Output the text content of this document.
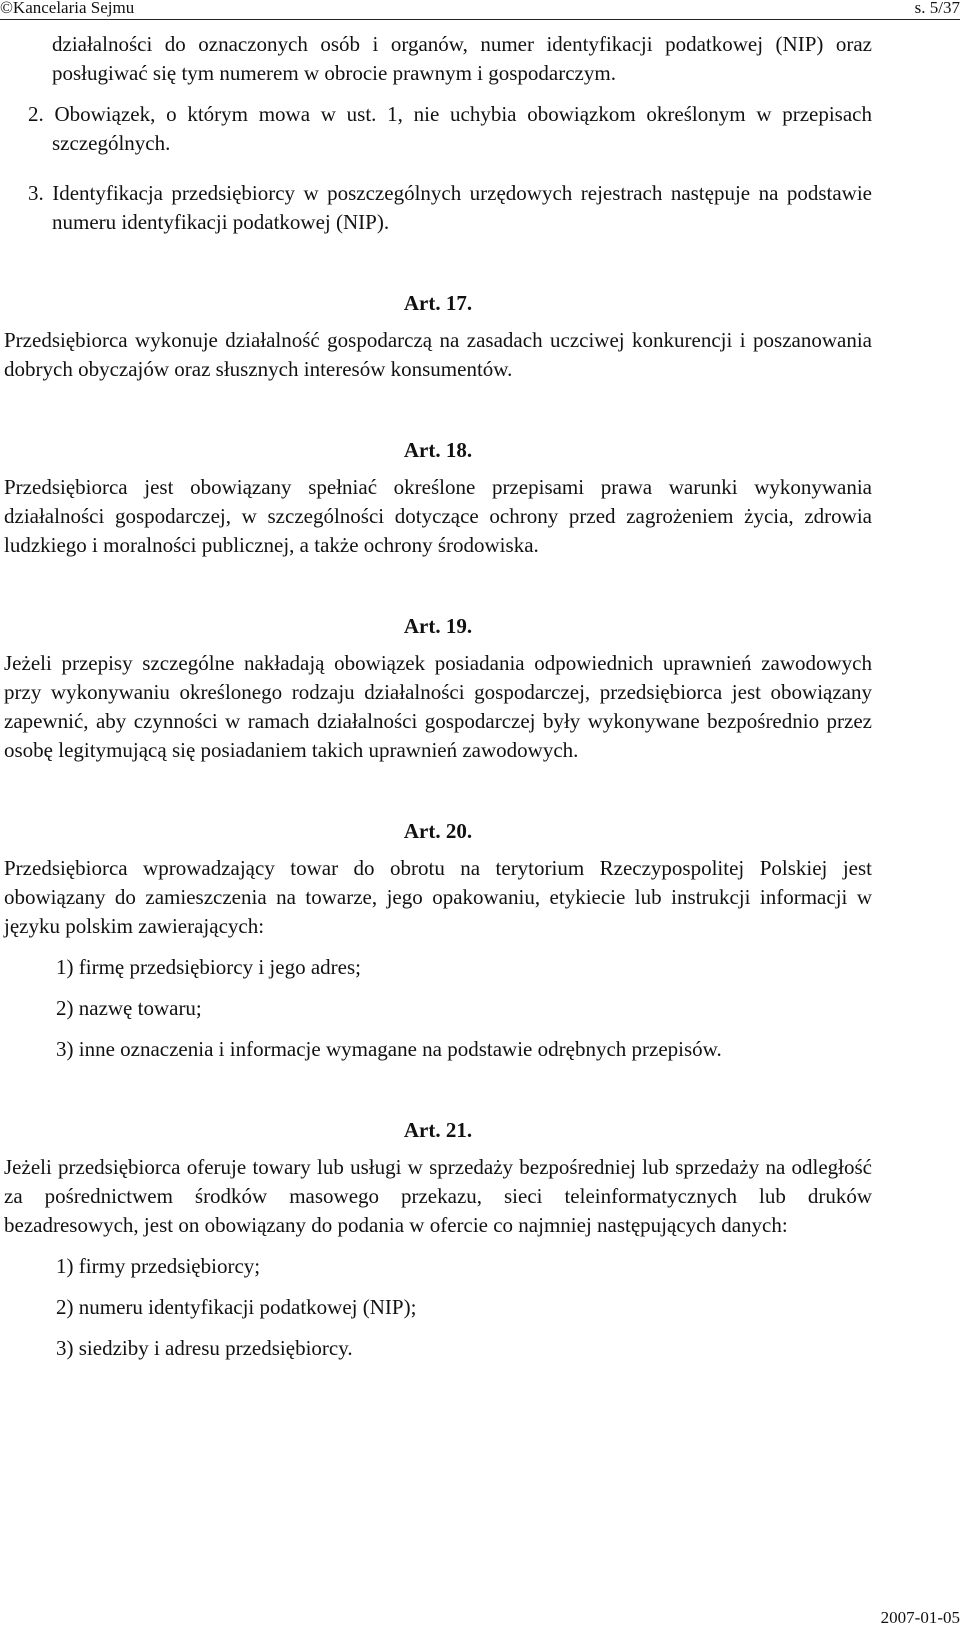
©Kancelaria Sejmu	s. 5/37

działalności do oznaczonych osób i organów, numer identyfikacji podatkowej (NIP) oraz posługiwać się tym numerem w obrocie prawnym i gospodarczym.

2. Obowiązek, o którym mowa w ust. 1, nie uchybia obowiązkom określonym w przepisach szczególnych.

3. Identyfikacja przedsiębiorcy w poszczególnych urzędowych rejestrach następuje na podstawie numeru identyfikacji podatkowej (NIP).

Art. 17.

Przedsiębiorca wykonuje działalność gospodarczą na zasadach uczciwej konkurencji i poszanowania dobrych obyczajów oraz słusznych interesów konsumentów.

Art. 18.

Przedsiębiorca jest obowiązany spełniać określone przepisami prawa warunki wykonywania działalności gospodarczej, w szczególności dotyczące ochrony przed zagrożeniem życia, zdrowia ludzkiego i moralności publicznej, a także ochrony środowiska.

Art. 19.

Jeżeli przepisy szczególne nakładają obowiązek posiadania odpowiednich uprawnień zawodowych przy wykonywaniu określonego rodzaju działalności gospodarczej, przedsiębiorca jest obowiązany zapewnić, aby czynności w ramach działalności gospodarczej były wykonywane bezpośrednio przez osobę legitymującą się posiadaniem takich uprawnień zawodowych.

Art. 20.

Przedsiębiorca wprowadzający towar do obrotu na terytorium Rzeczypospolitej Polskiej jest obowiązany do zamieszczenia na towarze, jego opakowaniu, etykiecie lub instrukcji informacji w języku polskim zawierających:

1) firmę przedsiębiorcy i jego adres;

2) nazwę towaru;

3) inne oznaczenia i informacje wymagane na podstawie odrębnych przepisów.

Art. 21.

Jeżeli przedsiębiorca oferuje towary lub usługi w sprzedaży bezpośredniej lub sprzedaży na odległość za pośrednictwem środków masowego przekazu, sieci teleinformatycznych lub druków bezadresowych, jest on obowiązany do podania w ofercie co najmniej następujących danych:

1) firmy przedsiębiorcy;

2) numeru identyfikacji podatkowej (NIP);

3) siedziby i adresu przedsiębiorcy.

2007-01-05
